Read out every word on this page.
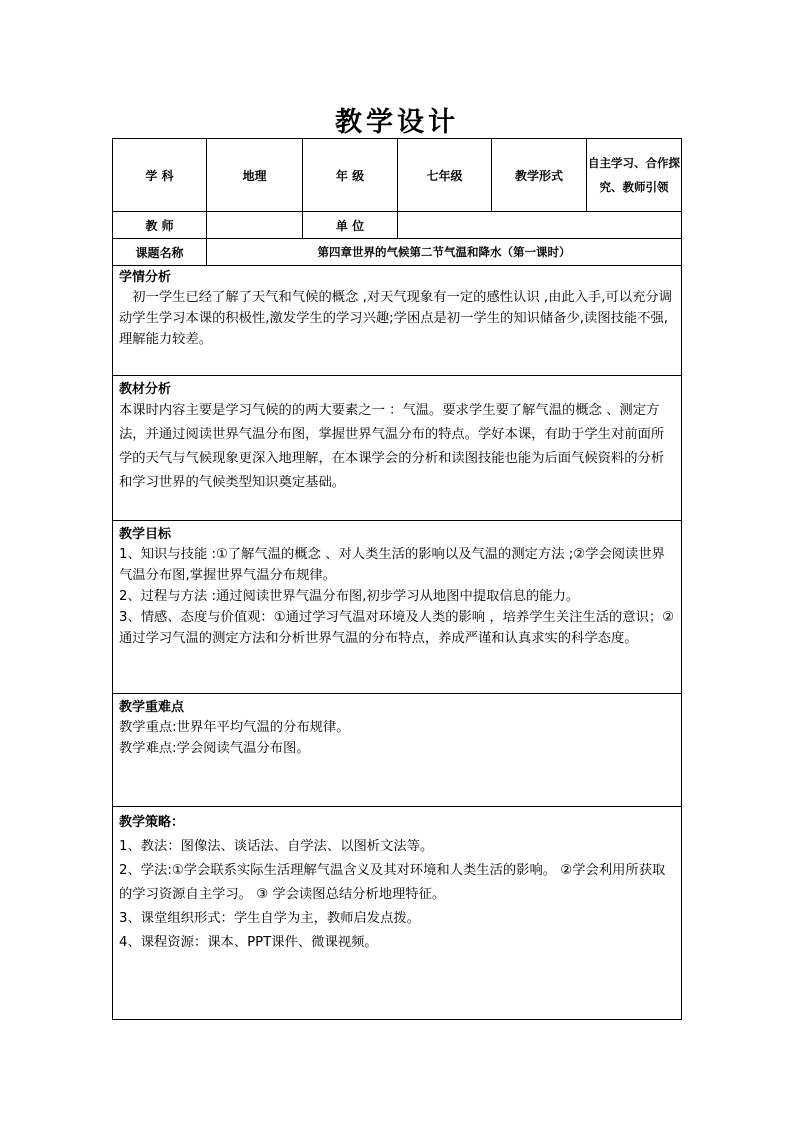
教学设计
学 科	地理	年 级	七年级	教学形式	自主学习、合作探究、教师引领
教 师		单 位			
课题名称	第四章世界的气候第二节气温和降水（第一课时）				

学情分析

初一学生已经了解了天气和气候的概念 ,对天气现象有一定的感性认识 ,由此入手,可以充分调动学生学习本课的积极性,激发学生的学习兴趣;学困点是初一学生的知识储备少,读图技能不强,理解能力较差。					

教材分析

本课时内容主要是学习气候的的两大要素之一 ：气温。要求学生要了解气温的概念 、测定方法，并通过阅读世界气温分布图，掌握世界气温分布的特点。学好本课，有助于学生对前面所学的天气与气候现象更深入地理解，在本课学会的分析和读图技能也能为后面气候资料的分析和学习世界的气候类型知识奠定基础。					

教学目标

1、知识与技能 :①了解气温的概念 、对人类生活的影响以及气温的测定方法 ;②学会阅读世界气温分布图,掌握世界气温分布规律。

2、过程与方法 :通过阅读世界气温分布图,初步学习从地图中提取信息的能力。

3、情感、态度与价值观：①通过学习气温对环境及人类的影响 ，培养学生关注生活的意识；②通过学习气温的测定方法和分析世界气温的分布特点，养成严谨和认真求实的科学态度。					

教学重难点

教学重点:世界年平均气温的分布规律。

教学难点:学会阅读气温分布图。					

教学策略：

1、教法：图像法、谈话法、自学法、以图析文法等。

2、学法:①学会联系实际生活理解气温含义及其对环境和人类生活的影响。 ②学会利用所获取的学习资源自主学习。 ③ 学会读图总结分析地理特征。

3、课堂组织形式：学生自学为主，教师启发点拨。

4、课程资源：课本、PPT课件、微课视频。					
